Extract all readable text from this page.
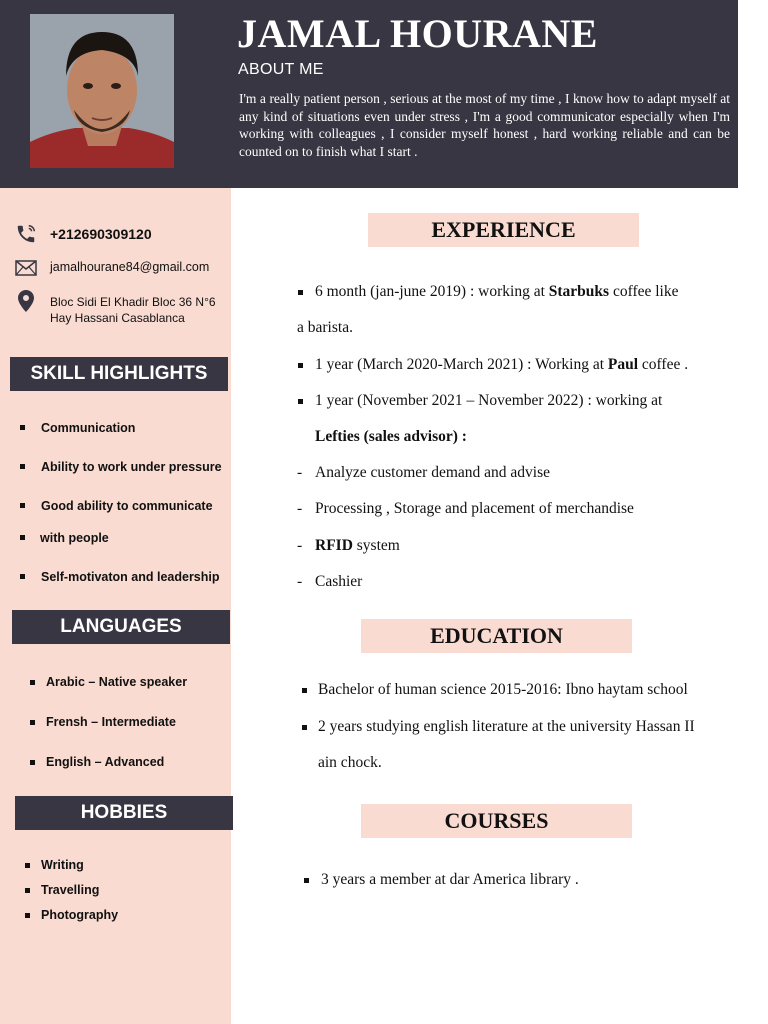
JAMAL HOURANE
ABOUT ME
I'm a really patient person , serious at the most of my time , I know how to adapt myself at any kind of situations even under stress , I'm a good communicator especially when I'm working with colleagues , I consider myself honest , hard working reliable and can be counted on to finish what I start .
+212690309120
jamalhourane84@gmail.com
Bloc Sidi El Khadir Bloc 36 N°6
Hay Hassani Casablanca
SKILL HIGHLIGHTS
Communication
Ability to work under pressure
Good ability to communicate
with people
Self-motivaton and leadership
LANGUAGES
Arabic – Native speaker
Frensh – Intermediate
English – Advanced
HOBBIES
Writing
Travelling
Photography
EXPERIENCE
6 month (jan-june 2019) : working at Starbuks coffee like
a barista.
1 year (March 2020-March 2021) : Working at Paul coffee .
1 year (November 2021 – November 2022) : working at
Lefties (sales advisor) :
- Analyze customer demand and advise
- Processing , Storage and placement of merchandise
- RFID system
- Cashier
EDUCATION
Bachelor of human science 2015-2016: Ibno haytam school
2 years studying english literature at the university Hassan II
ain chock.
COURSES
3 years a member at dar America library .
